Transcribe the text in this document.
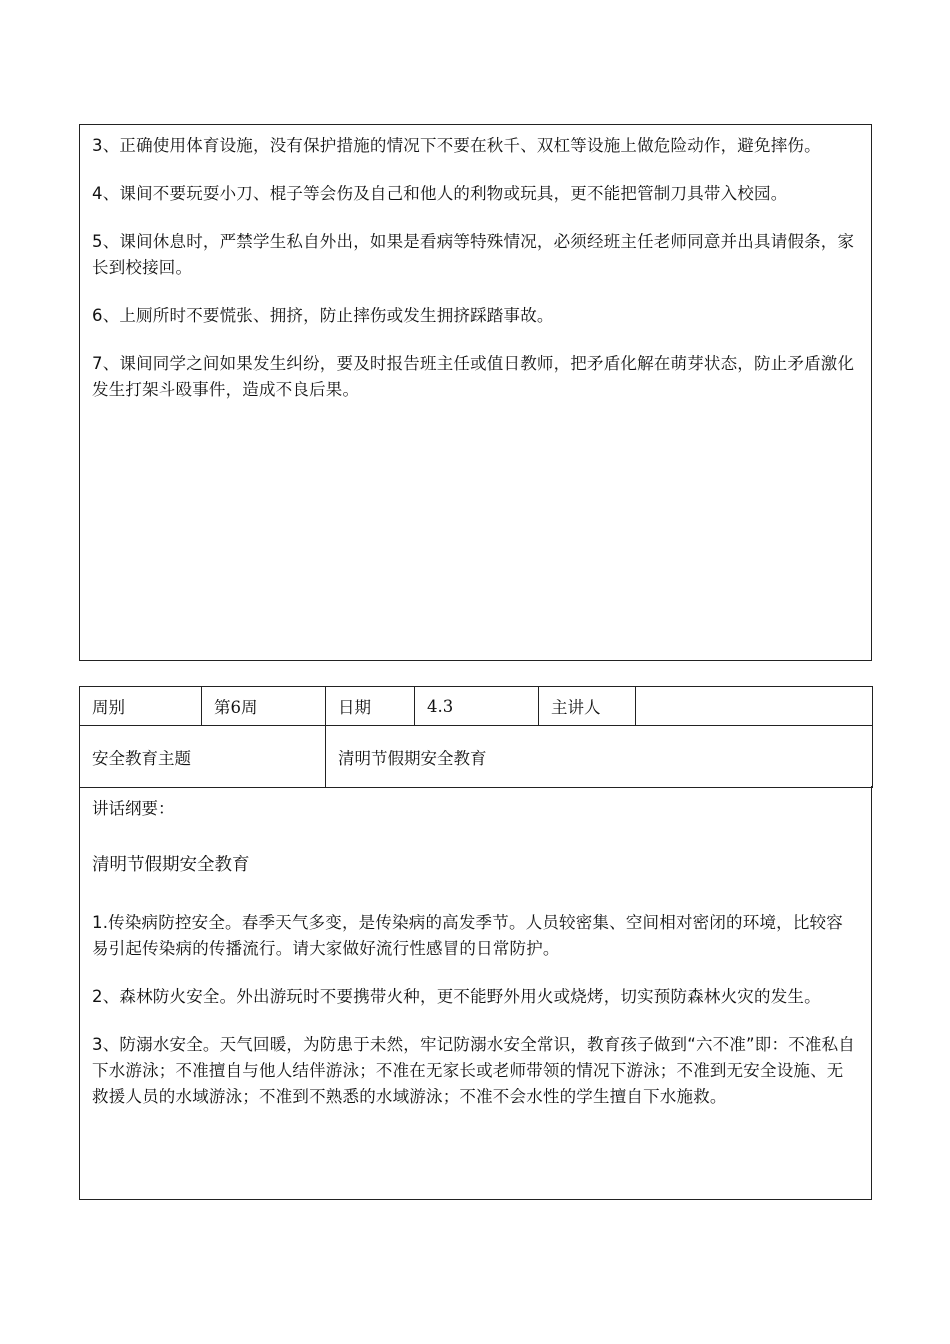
3、正确使用体育设施，没有保护措施的情况下不要在秋千、双杠等设施上做危险动作，避免摔伤。

4、课间不要玩耍小刀、棍子等会伤及自己和他人的利物或玩具，更不能把管制刀具带入校园。

5、课间休息时，严禁学生私自外出，如果是看病等特殊情况，必须经班主任老师同意并出具请假条，家长到校接回。

6、上厕所时不要慌张、拥挤，防止摔伤或发生拥挤踩踏事故。

7、课间同学之间如果发生纠纷，要及时报告班主任或值日教师，把矛盾化解在萌芽状态，防止矛盾激化发生打架斗殴事件，造成不良后果。

周别	第6周	日期	4.3	主讲人	
安全教育主题		清明节假期安全教育			

讲话纲要：

清明节假期安全教育

1.传染病防控安全。春季天气多变，是传染病的高发季节。人员较密集、空间相对密闭的环境，比较容易引起传染病的传播流行。请大家做好流行性感冒的日常防护。

2、森林防火安全。外出游玩时不要携带火种，更不能野外用火或烧烤，切实预防森林火灾的发生。

3、防溺水安全。天气回暖，为防患于未然，牢记防溺水安全常识，教育孩子做到“六不准”即：不准私自下水游泳；不准擅自与他人结伴游泳；不准在无家长或老师带领的情况下游泳；不准到无安全设施、无救援人员的水域游泳；不准到不熟悉的水域游泳；不准不会水性的学生擅自下水施救。
